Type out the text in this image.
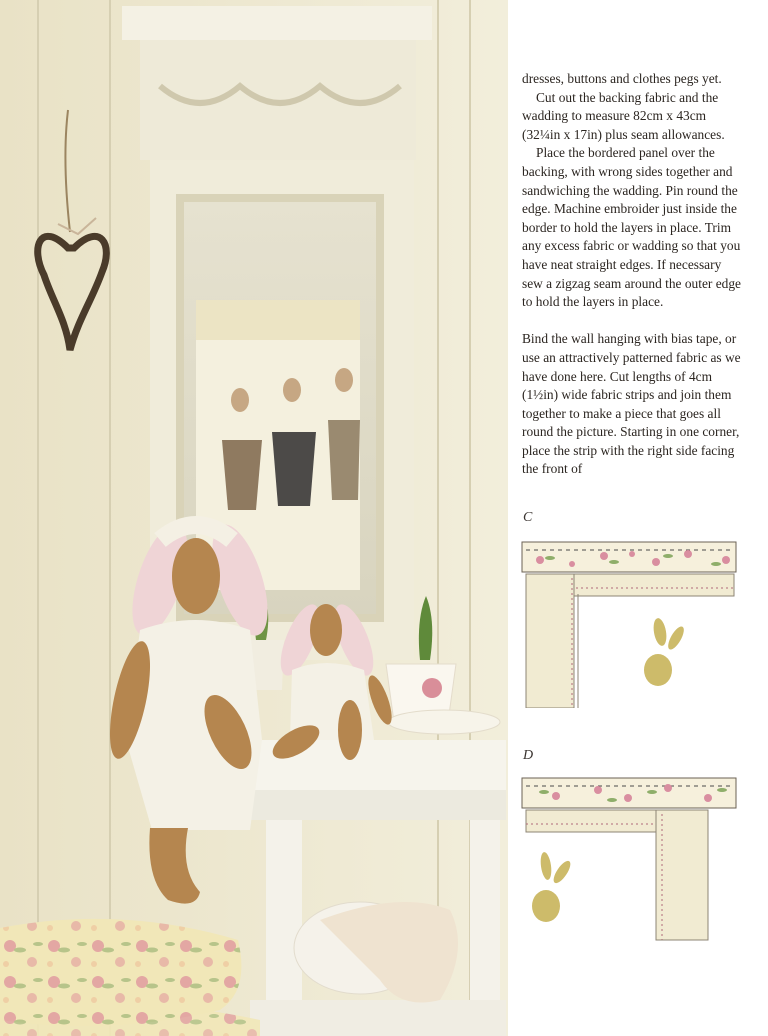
dresses, buttons and clothes pegs yet.

Cut out the backing fabric and the wadding to measure 82cm x 43cm (32¼in x 17in) plus seam allowances.

Place the bordered panel over the backing, with wrong sides together and sandwiching the wadding. Pin round the edge. Machine embroider just inside the border to hold the layers in place. Trim any excess fabric or wadding so that you have neat straight edges. If necessary sew a zigzag seam around the outer edge to hold the layers in place.

Bind the wall hanging with bias tape, or use an attractively patterned fabric as we have done here. Cut lengths of 4cm (1½in) wide fabric strips and join them together to make a piece that goes all round the picture. Starting in one corner, place the strip with the right side facing the front of

C
D
